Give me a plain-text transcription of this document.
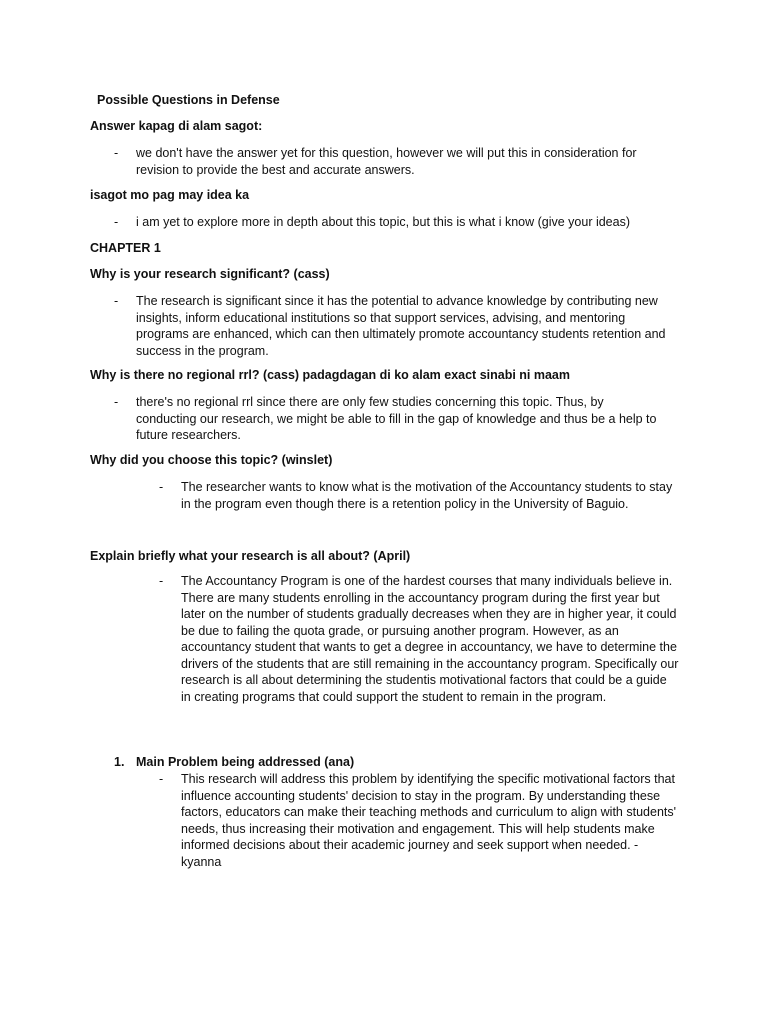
Possible Questions in Defense
Answer kapag di alam sagot:
- we don't have the answer yet for this question, however we will put this in consideration for revision to provide the best and accurate answers.
isagot mo pag may idea ka
- i am yet to explore more in depth about this topic, but this is what i know (give your ideas)
CHAPTER 1
Why is your research significant? (cass)
- The research is significant since it has the potential to advance knowledge by contributing new insights, inform educational institutions so that support services, advising, and mentoring programs are enhanced, which can then ultimately promote accountancy students retention and success in the program.
Why is there no regional rrl? (cass) padagdagan di ko alam exact sinabi ni maam
- there's no regional rrl since there are only few studies concerning this topic. Thus, by conducting our research, we might be able to fill in the gap of knowledge and thus be a help to future researchers.
Why did you choose this topic? (winslet)
- The researcher wants to know what is the motivation of the Accountancy students to stay in the program even though there is a retention policy in the University of Baguio.
Explain briefly what your research is all about? (April)
- The Accountancy Program is one of the hardest courses that many individuals believe in. There are many students enrolling in the accountancy program during the first year but later on the number of students gradually decreases when they are in higher year, it could be due to failing the quota grade, or pursuing another program. However, as an accountancy student that wants to get a degree in accountancy, we have to determine the drivers of the students that are still remaining in the accountancy program. Specifically our research is all about determining the studentis motivational factors that could be a guide in creating programs that could support the student to remain in the program.
1. Main Problem being addressed (ana)
- This research will address this problem by identifying the specific motivational factors that influence accounting students' decision to stay in the program. By understanding these factors, educators can make their teaching methods and curriculum to align with students' needs, thus increasing their motivation and engagement. This will help students make informed decisions about their academic journey and seek support when needed. - kyanna
